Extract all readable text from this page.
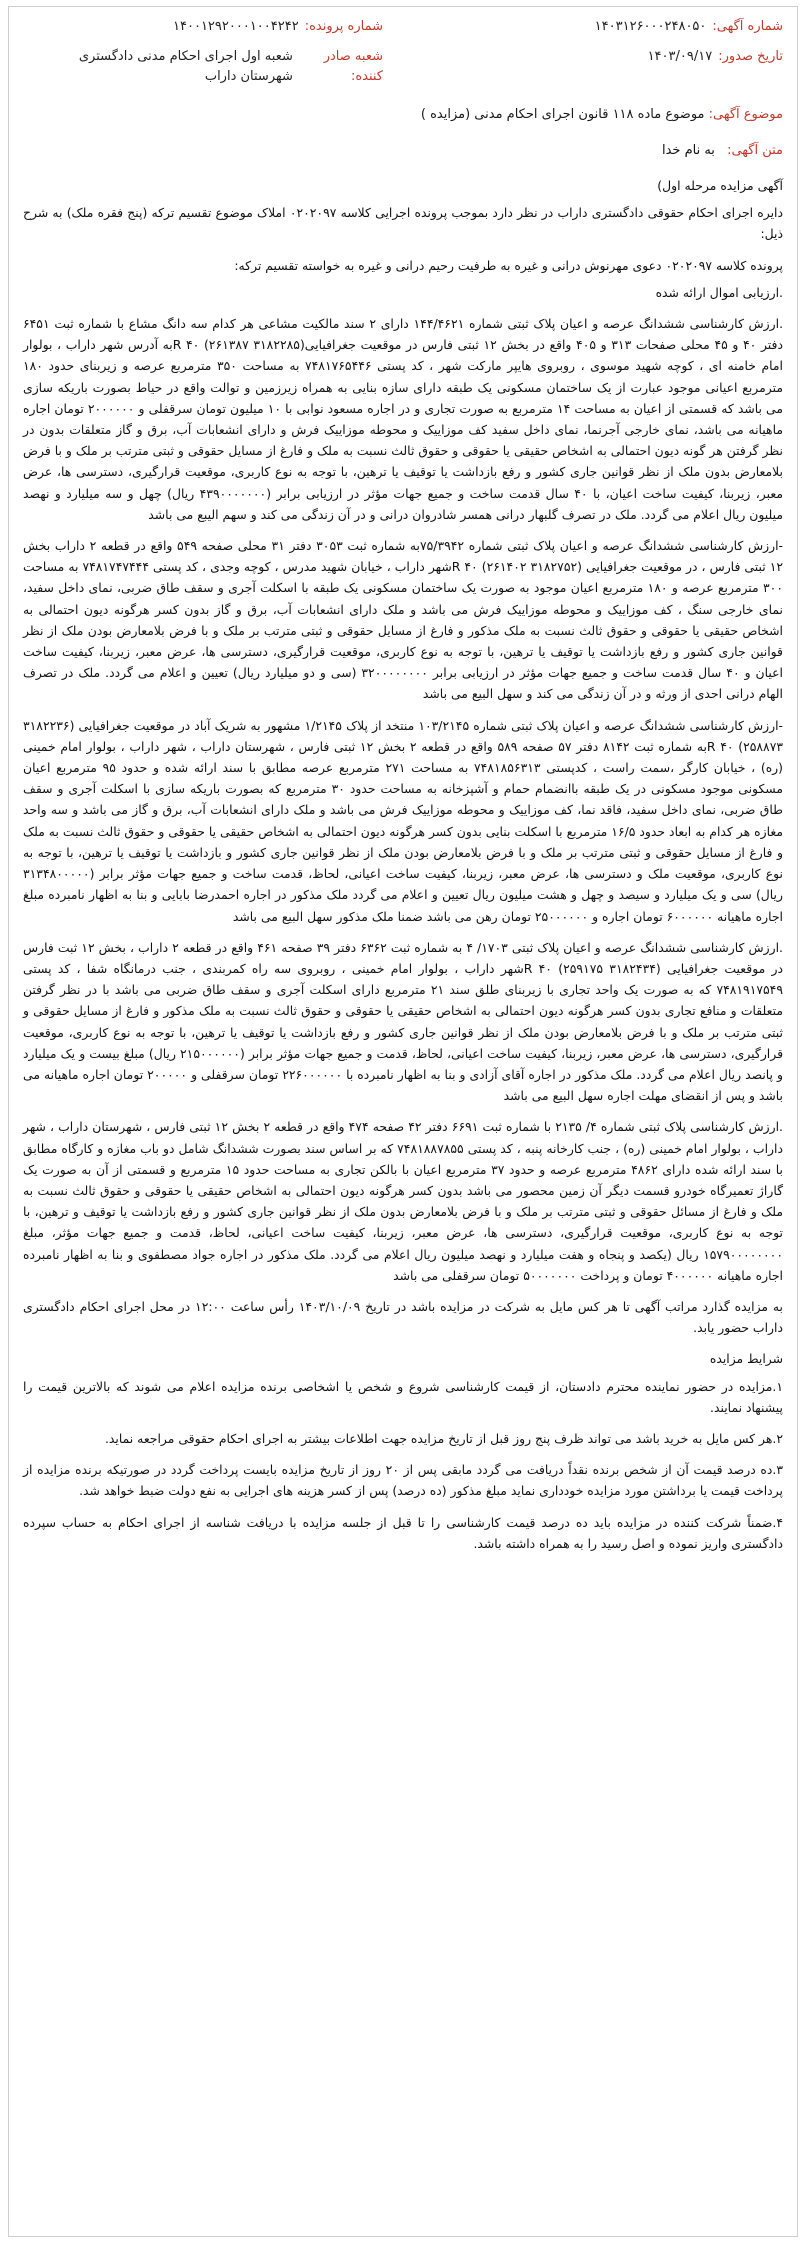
شماره آگهی:
۱۴۰۳۱۲۶۰۰۰۲۴۸۰۵۰
شماره پرونده:
۱۴۰۰۱۲۹۲۰۰۰۱۰۰۴۲۴۲
تاریخ صدور:
۱۴۰۳/۰۹/۱۷
شعبه صادر کننده:
شعبه اول اجرای احکام مدنی دادگستری شهرستان داراب
موضوع آگهی: موضوع ماده ۱۱۸ قانون اجرای احکام مدنی (مزایده )
متن آگهی: به نام خدا

آگهی مزایده مرحله اول)

دایره اجرای احکام حقوقی دادگستری داراب در نظر دارد بموجب پرونده اجرایی کلاسه ۰۲۰۲۰۹۷ املاک موضوع تقسیم ترکه (پنج فقره ملک) به شرح ذیل:

پرونده کلاسه ۰۲۰۲۰۹۷ دعوی مهرنوش درانی و غیره به طرفیت رحیم درانی و غیره به خواسته تقسیم ترکه:

.ارزیابی اموال ارائه شده

.ارزش کارشناسی ششدانگ عرصه و اعیان پلاک ثبتی شماره ۱۴۴/۴۶۲۱ دارای ۲ سند مالکیت مشاعی هر کدام سه دانگ مشاع با شماره ثبت ۶۴۵۱ دفتر ۴۰ و ۴۵ محلی صفحات ۳۱۳ و ۴۰۵ واقع در بخش ۱۲ ثبتی فارس در موقعیت جغرافیایی(۳۱۸۲۲۸۵ ۲۶۱۳۸۷) R ۴۰به آدرس شهر داراب ، بولوار امام خامنه ای ، کوچه شهید موسوی ، روبروی هایپر مارکت شهر ، کد پستی ۷۴۸۱۷۶۵۴۴۶ به مساحت ۳۵۰ مترمربع عرصه و زیربنای حدود ۱۸۰ مترمربع اعیانی موجود عبارت از یک ساختمان مسکونی یک طبقه دارای سازه بنایی به همراه زیرزمین و توالت واقع در حیاط بصورت باریکه سازی می باشد که قسمتی از اعیان به مساحت ۱۴ مترمربع به صورت تجاری و در اجاره مسعود نوابی با ۱۰ میلیون تومان سرقفلی و ۲۰۰۰۰۰۰ تومان اجاره ماهیانه می باشد، نمای خارجی آجرنما، نمای داخل سفید کف موزاییک و محوطه موزاییک فرش و دارای انشعابات آب، برق و گاز متعلقات بدون در نظر گرفتن هر گونه دیون احتمالی به اشخاص حقیقی یا حقوقی و حقوق ثالث نسبت به ملک و فارغ از مسایل حقوقی و ثبتی مترتب بر ملک و با فرض بلامعارض بدون ملک از نظر قوانین جاری کشور و رفع بازداشت یا توقیف یا ترهین، با توجه به نوع کاربری، موقعیت قرارگیری، دسترسی ها، عرض معبر، زیربنا، کیفیت ساخت اعیان، با ۴۰ سال قدمت ساخت و جمیع جهات مؤثر در ارزیابی برابر (۴۳۹۰۰۰۰۰۰۰ ریال) چهل و سه میلیارد و نهصد میلیون ریال اعلام می گردد. ملک در تصرف گلبهار درانی همسر شادروان درانی و در آن زندگی می کند و سهم الیبع می باشد

-ارزش کارشناسی ششدانگ عرصه و اعیان پلاک ثبتی شماره ۷۵/۳۹۴۲به شماره ثبت ۳۰۵۳ دفتر ۳۱ محلی صفحه ۵۴۹ واقع در قطعه ۲ داراب بخش ۱۲ ثبتی فارس ، در موقعیت جغرافیایی (۳۱۸۲۷۵۲ ۲۶۱۴۰۲) R ۴۰شهر داراب ، خیابان شهید مدرس ، کوچه وجدی ، کد پستی ۷۴۸۱۷۴۷۴۴۴ به مساحت ۳۰۰ مترمربع عرصه و ۱۸۰ مترمربع اعیان موجود به صورت یک ساختمان مسکونی یک طبقه با اسکلت آجری و سقف طاق ضربی، نمای داخل سفید، نمای خارجی سنگ ، کف موزاییک و محوطه موزاییک فرش می باشد و ملک دارای انشعابات آب، برق و گاز بدون کسر هرگونه دیون احتمالی به اشخاص حقیقی یا حقوقی و حقوق ثالث نسبت به ملک مذکور و فارغ از مسایل حقوقی و ثبتی مترتب بر ملک و با فرض بلامعارض بودن ملک از نظر قوانین جاری کشور و رفع بازداشت یا توقیف یا ترهین، با توجه به نوع کاربری، موقعیت قرارگیری، دسترسی ها، عرض معبر، زیربنا، کیفیت ساخت اعیان و ۴۰ سال قدمت ساخت و جمیع جهات مؤثر در ارزیابی برابر ۳۲۰۰۰۰۰۰۰۰ (سی و دو میلیارد ریال) تعیین و اعلام می گردد. ملک در تصرف الهام درانی احدی از ورثه و در آن زندگی می کند و سهل البیع می باشد

-ارزش کارشناسی ششدانگ عرصه و اعیان پلاک ثبتی شماره ۱۰۳/۲۱۴۵ منتخد از پلاک ۱/۲۱۴۵ مشهور به شریک آباد در موقعیت جغرافیایی (۳۱۸۲۲۳۶ ۲۵۸۸۷۳) R ۴۰به شماره ثبت ۸۱۴۲ دفتر ۵۷ صفحه ۵۸۹ واقع در قطعه ۲ بخش ۱۲ ثبتی فارس ، شهرستان داراب ، شهر داراب ، بولوار امام خمینی (ره) ، خیابان کارگر ،سمت راست ، کدپستی ۷۴۸۱۸۵۶۳۱۳ به مساحت ۲۷۱ مترمربع عرصه مطابق با سند ارائه شده و حدود ۹۵ مترمربع اعیان مسکونی موجود مسکونی در یک طبقه باانضمام حمام و آشپزخانه به مساحت حدود ۳۰ مترمربع که بصورت باریکه سازی با اسکلت آجری و سقف طاق ضربی، نمای داخل سفید، فاقد نما، کف موزاییک و محوطه موزاییک فرش می باشد و ملک دارای انشعابات آب، برق و گاز می باشد و سه واحد مغازه هر کدام به ابعاد حدود ۱۶/۵ مترمربع با اسکلت بنایی بدون کسر هرگونه دیون احتمالی به اشخاص حقیقی یا حقوقی و حقوق ثالث نسبت به ملک و فارغ از مسایل حقوقی و ثبتی مترتب بر ملک و با فرض بلامعارض بودن ملک از نظر قوانین جاری کشور و بازداشت یا توقیف یا ترهین، با توجه به نوع کاربری، موقعیت ملک و دسترسی ها، عرض معبر، زیربنا، کیفیت ساخت اعیانی، لحاظ، قدمت ساخت و جمیع جهات مؤثر برابر (۳۱۳۴۸۰۰۰۰۰ ریال) سی و یک میلیارد و سیصد و چهل و هشت میلیون ریال تعیین و اعلام می گردد ملک مذکور در اجاره احمدرضا بابایی و بنا به اظهار نامبرده مبلغ اجاره ماهیانه ۶۰۰۰۰۰۰ تومان اجاره و ۲۵۰۰۰۰۰۰ تومان رهن می باشد ضمنا ملک مذکور سهل البیع می باشد

.ارزش کارشناسی ششدانگ عرصه و اعیان پلاک ثبتی ۱۷۰۳/ ۴ به شماره ثبت ۶۳۶۲ دفتر ۳۹ صفحه ۴۶۱ واقع در قطعه ۲ داراب ، بخش ۱۲ ثبت فارس در موقعیت جغرافیایی (۳۱۸۲۴۳۴ ۲۵۹۱۷۵) R ۴۰شهر داراب ، بولوار امام خمینی ، روبروی سه راه کمربندی ، جنب درمانگاه شفا ، کد پستی ۷۴۸۱۹۱۷۵۴۹ که به صورت یک واحد تجاری با زیربنای طلق سند ۲۱ مترمربع دارای اسکلت آجری و سقف طاق ضربی می باشد با در نظر گرفتن متعلقات و منافع تجاری بدون کسر هرگونه دیون احتمالی به اشخاص حقیقی یا حقوقی و حقوق ثالث نسبت به ملک مذکور و فارغ از مسایل حقوقی و ثبتی مترتب بر ملک و با فرض بلامعارض بودن ملک از نظر قوانین جاری کشور و رفع بازداشت یا توقیف یا ترهین، با توجه به نوع کاربری، موقعیت قرارگیری، دسترسی ها، عرض معبر، زیربنا، کیفیت ساخت اعیانی، لحاظ، قدمت و جمیع جهات مؤثر برابر (۲۱۵۰۰۰۰۰۰ ریال) مبلغ بیست و یک میلیارد و پانصد ریال اعلام می گردد. ملک مذکور در اجاره آقای آزادی و بنا به اظهار نامبرده با ۲۲۶۰۰۰۰۰۰ تومان سرقفلی و ۲۰۰۰۰۰ تومان اجاره ماهیانه می باشد و پس از انقضای مهلت اجاره سهل البیع می باشد

.ارزش کارشناسی پلاک ثبتی شماره ۴/ ۲۱۳۵ با شماره ثبت ۶۶۹۱ دفتر ۴۲ صفحه ۴۷۴ واقع در قطعه ۲ بخش ۱۲ ثبتی فارس ، شهرستان داراب ، شهر داراب ، بولوار امام خمینی (ره) ، جنب کارخانه پنبه ، کد پستی ۷۴۸۱۸۸۷۸۵۵ که بر اساس سند بصورت ششدانگ شامل دو باب مغازه و کارگاه مطابق با سند ارائه شده دارای ۴۸۶۲ مترمربع عرصه و حدود ۳۷ مترمربع اعیان با بالکن تجاری به مساحت حدود ۱۵ مترمربع و قسمتی از آن به صورت یک گاراژ تعمیرگاه خودرو قسمت دیگر آن زمین محصور می باشد بدون کسر هرگونه دیون احتمالی به اشخاص حقیقی یا حقوقی و حقوق ثالث نسبت به ملک و فارغ از مسائل حقوقی و ثبتی مترتب بر ملک و با فرض بلامعارض بدون ملک از نظر قوانین جاری کشور و رفع بازداشت یا توقیف و ترهین، با توجه به نوع کاربری، موقعیت قرارگیری، دسترسی ها، عرض معبر، زیربنا، کیفیت ساخت اعیانی، لحاظ، قدمت و جمیع جهات مؤثر، مبلغ ۱۵۷۹۰۰۰۰۰۰۰۰ ریال (یکصد و پنجاه و هفت میلیارد و نهصد میلیون ریال اعلام می گردد. ملک مذکور در اجاره جواد مصطفوی و بنا به اظهار نامبرده اجاره ماهیانه ۴۰۰۰۰۰۰ تومان و پرداخت ۵۰۰۰۰۰۰۰ تومان سرقفلی می باشد

به مزایده گذارد مراتب آگهی تا هر کس مایل به شرکت در مزایده باشد در تاریخ ۱۴۰۳/۱۰/۰۹ رأس ساعت ۱۲:۰۰ در محل اجرای احکام دادگستری داراب حضور یابد.

شرایط مزایده

۱.مزایده در حضور نماینده محترم دادستان، از قیمت کارشناسی شروع و شخص یا اشخاصی برنده مزایده اعلام می شوند که بالاترین قیمت را پیشنهاد نمایند.

۲.هر کس مایل به خرید باشد می تواند ظرف پنج روز قبل از تاریخ مزایده جهت اطلاعات بیشتر به اجرای احکام حقوقی مراجعه نماید.

۳.ده درصد قیمت آن از شخص برنده نقداً دریافت می گردد مابقی پس از ۲۰ روز از تاریخ مزایده بایست پرداخت گردد در صورتیکه برنده مزایده از پرداخت قیمت یا برداشتن مورد مزایده خودداری نماید مبلغ مذکور (ده درصد) پس از کسر هزینه های اجرایی به نفع دولت ضبط خواهد شد.

۴.ضمناً شرکت کننده در مزایده باید ده درصد قیمت کارشناسی را تا قبل از جلسه مزایده با دریافت شناسه از اجرای احکام به حساب سپرده دادگستری واریز نموده و اصل رسید را به همراه داشته باشد.
